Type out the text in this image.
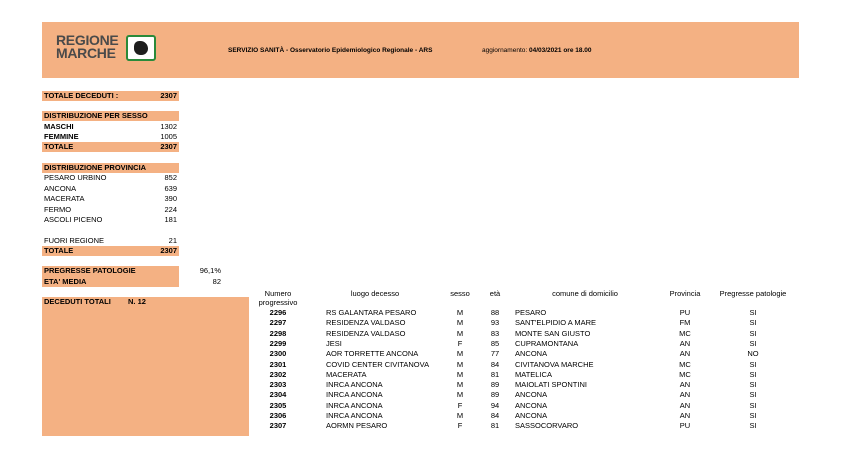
REGIONE
MARCHE	SERVIZIO SANITÀ - Osservatorio Epidemiologico Regionale - ARS	aggiornamento: 04/03/2021 ore 18.00
TOTALE DECEDUTI :	2307
DISTRIBUZIONE PER SESSO
MASCHI	1302
FEMMINE	1005
TOTALE	2307
DISTRIBUZIONE PROVINCIA
PESARO URBINO	852
ANCONA	639
MACERATA	390
FERMO	224
ASCOLI PICENO	181
FUORI REGIONE	21
TOTALE	2307
PREGRESSE PATOLOGIE	96,1%
ETA' MEDIA	82
DECEDUTI TOTALI N. 12
Numero progressivo
luogo decesso	sesso	età	comune di domicilio	Provincia	Pregresse patologie
2296	RS GALANTARA PESARO	M	88	PESARO	PU	SI
2297	RESIDENZA VALDASO	M	93	SANT'ELPIDIO A MARE	FM	SI
2298	RESIDENZA VALDASO	M	83	MONTE SAN GIUSTO	MC	SI
2299	JESI	F	85	CUPRAMONTANA	AN	SI
2300	AOR TORRETTE ANCONA	M	77	ANCONA	AN	NO
2301	COVID CENTER CIVITANOVA	M	84	CIVITANOVA MARCHE	MC	SI
2302	MACERATA	M	81	MATELICA	MC	SI
2303	INRCA ANCONA	M	89	MAIOLATI SPONTINI	AN	SI
2304	INRCA ANCONA	M	89	ANCONA	AN	SI
2305	INRCA ANCONA	F	94	ANCONA	AN	SI
2306	INRCA ANCONA	M	84	ANCONA	AN	SI
2307	AORMN PESARO	F	81	SASSOCORVARO	PU	SI
